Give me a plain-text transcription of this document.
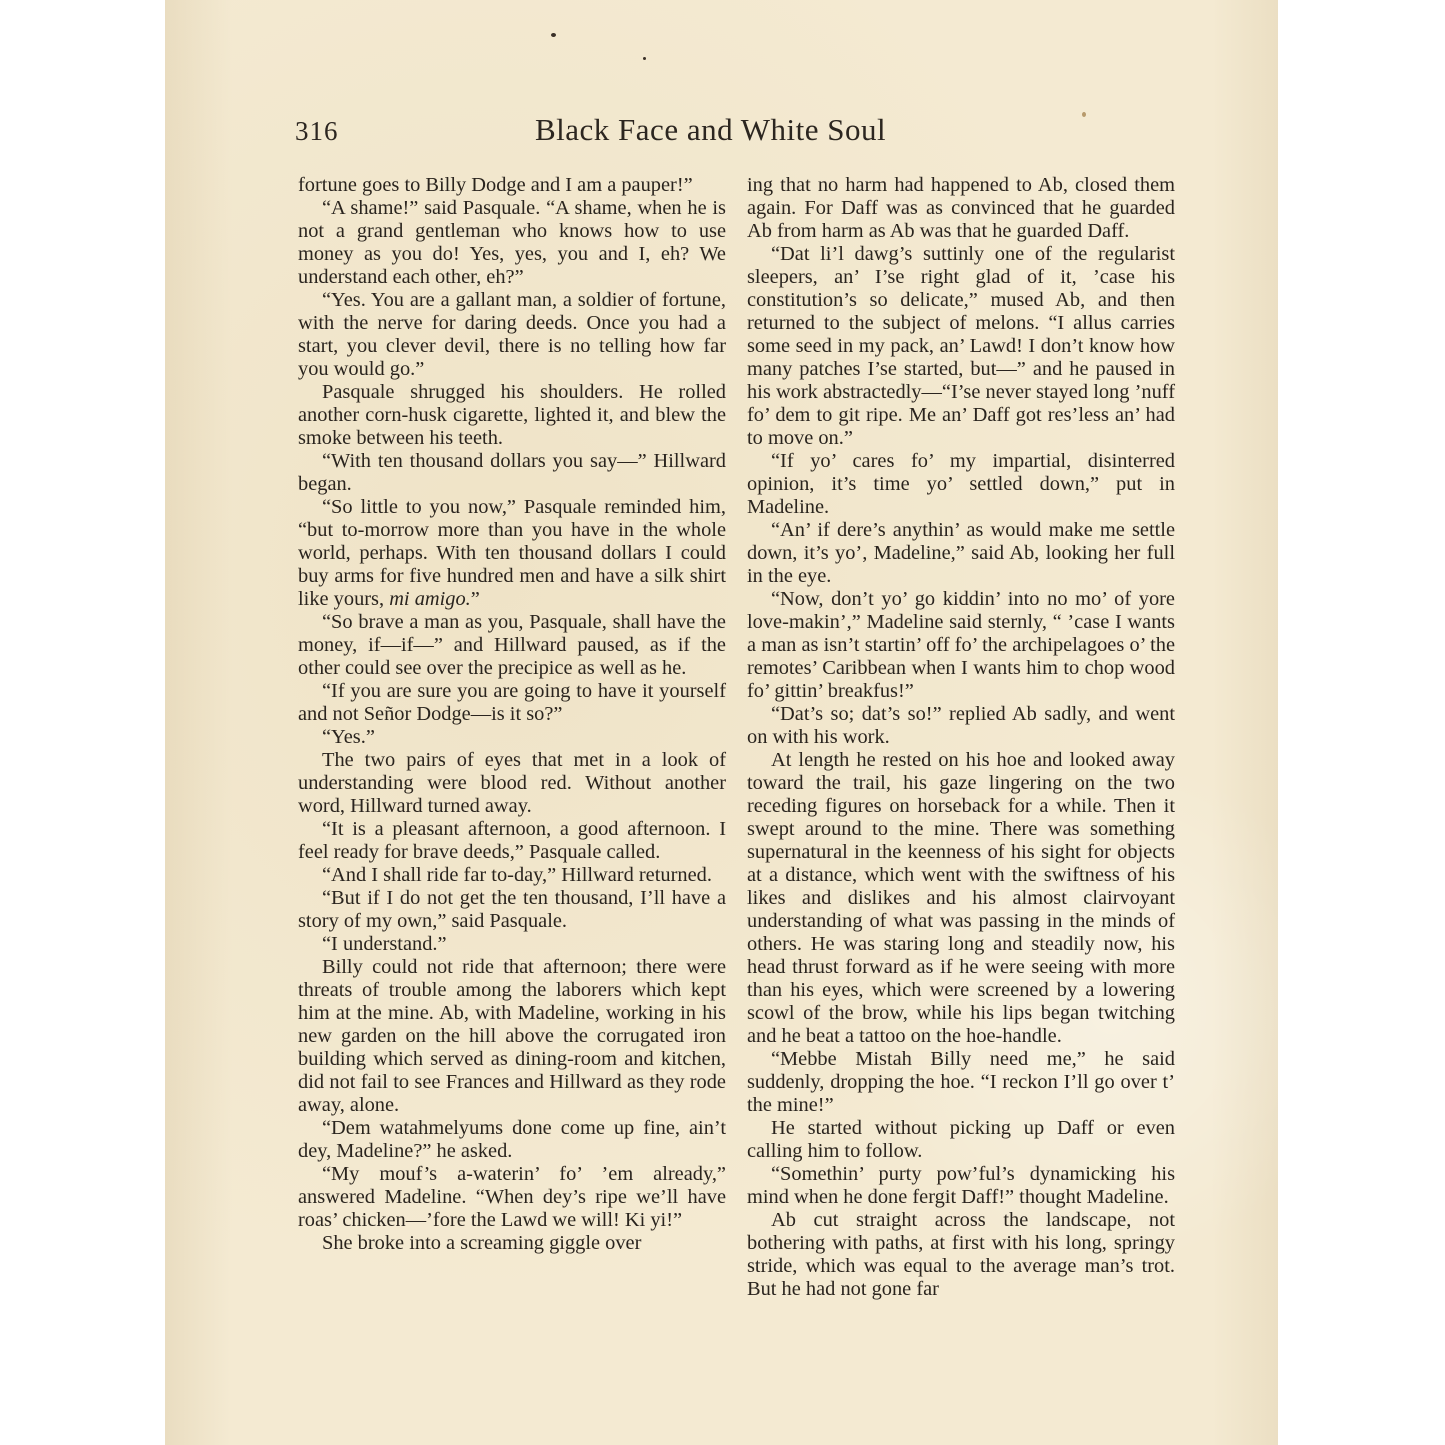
316	Black Face and White Soul

fortune goes to Billy Dodge and I am a pauper!”

“A shame!” said Pasquale. “A shame, when he is not a grand gentleman who knows how to use money as you do! Yes, yes, you and I, eh? We understand each other, eh?”

“Yes. You are a gallant man, a soldier of fortune, with the nerve for daring deeds. Once you had a start, you clever devil, there is no telling how far you would go.”

Pasquale shrugged his shoulders. He rolled another corn-husk cigarette, lighted it, and blew the smoke between his teeth.

“With ten thousand dollars you say—” Hillward began.

“So little to you now,” Pasquale reminded him, “but to-morrow more than you have in the whole world, perhaps. With ten thousand dollars I could buy arms for five hundred men and have a silk shirt like yours, mi amigo.”

“So brave a man as you, Pasquale, shall have the money, if—if—” and Hillward paused, as if the other could see over the precipice as well as he.

“If you are sure you are going to have it yourself and not Señor Dodge—is it so?”

“Yes.”

The two pairs of eyes that met in a look of understanding were blood red. Without another word, Hillward turned away.

“It is a pleasant afternoon, a good afternoon. I feel ready for brave deeds,” Pasquale called.

“And I shall ride far to-day,” Hillward returned.

“But if I do not get the ten thousand, I’ll have a story of my own,” said Pasquale.

“I understand.”

Billy could not ride that afternoon; there were threats of trouble among the laborers which kept him at the mine. Ab, with Madeline, working in his new garden on the hill above the corrugated iron building which served as dining-room and kitchen, did not fail to see Frances and Hillward as they rode away, alone.

“Dem watahmelyums done come up fine, ain’t dey, Madeline?” he asked.

“My mouf’s a-waterin’ fo’ ’em already,” answered Madeline. “When dey’s ripe we’ll have roas’ chicken—’fore the Lawd we will! Ki yi!”

She broke into a screaming giggle over

ing that no harm had happened to Ab, closed them again. For Daff was as convinced that he guarded Ab from harm as Ab was that he guarded Daff.

“Dat li’l dawg’s suttinly one of the regularist sleepers, an’ I’se right glad of it, ’case his constitution’s so delicate,” mused Ab, and then returned to the subject of melons. “I allus carries some seed in my pack, an’ Lawd! I don’t know how many patches I’se started, but—” and he paused in his work abstractedly—“I’se never stayed long ’nuff fo’ dem to git ripe. Me an’ Daff got res’less an’ had to move on.”

“If yo’ cares fo’ my impartial, disinterred opinion, it’s time yo’ settled down,” put in Madeline.

“An’ if dere’s anythin’ as would make me settle down, it’s yo’, Madeline,” said Ab, looking her full in the eye.

“Now, don’t yo’ go kiddin’ into no mo’ of yore love-makin’,” Madeline said sternly, “ ’case I wants a man as isn’t startin’ off fo’ the archipelagoes o’ the remotes’ Caribbean when I wants him to chop wood fo’ gittin’ breakfus!”

“Dat’s so; dat’s so!” replied Ab sadly, and went on with his work.

At length he rested on his hoe and looked away toward the trail, his gaze lingering on the two receding figures on horseback for a while. Then it swept around to the mine. There was something supernatural in the keenness of his sight for objects at a distance, which went with the swiftness of his likes and dislikes and his almost clairvoyant understanding of what was passing in the minds of others. He was staring long and steadily now, his head thrust forward as if he were seeing with more than his eyes, which were screened by a lowering scowl of the brow, while his lips began twitching and he beat a tattoo on the hoe-handle.

“Mebbe Mistah Billy need me,” he said suddenly, dropping the hoe. “I reckon I’ll go over t’ the mine!”

He started without picking up Daff or even calling him to follow.

“Somethin’ purty pow’ful’s dynamicking his mind when he done fergit Daff!” thought Madeline.

Ab cut straight across the landscape, not bothering with paths, at first with his long, springy stride, which was equal to the average man’s trot. But he had not gone far
